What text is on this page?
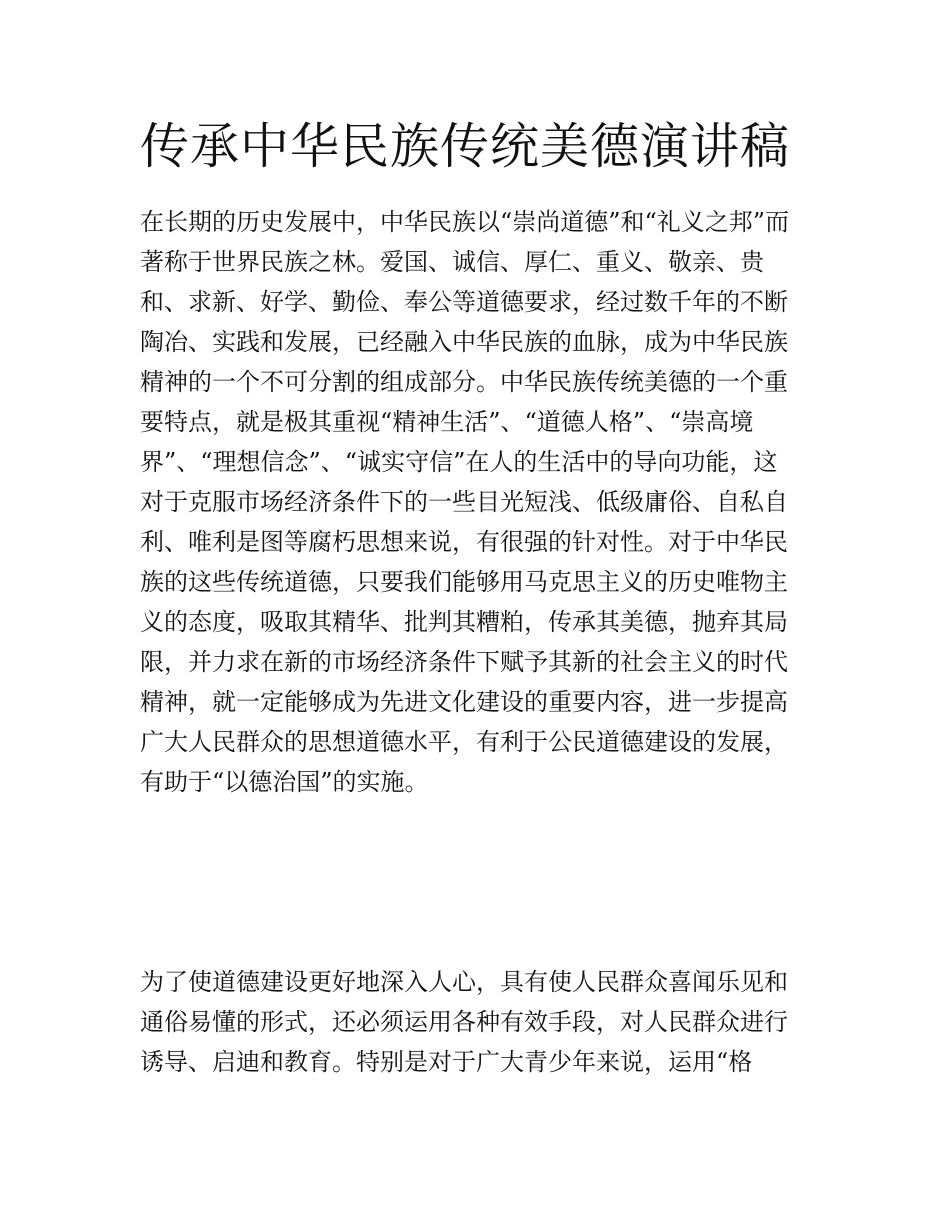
传承中华民族传统美德演讲稿

在长期的历史发展中，中华民族以“崇尚道德”和“礼义之邦”而
著称于世界民族之林。爱国、诚信、厚仁、重义、敬亲、贵
和、求新、好学、勤俭、奉公等道德要求，经过数千年的不断
陶冶、实践和发展，已经融入中华民族的血脉，成为中华民族
精神的一个不可分割的组成部分。中华民族传统美德的一个重
要特点，就是极其重视“精神生活”、“道德人格”、“崇高境
界”、“理想信念”、“诚实守信”在人的生活中的导向功能，这
对于克服市场经济条件下的一些目光短浅、低级庸俗、自私自
利、唯利是图等腐朽思想来说，有很强的针对性。对于中华民
族的这些传统道德，只要我们能够用马克思主义的历史唯物主
义的态度，吸取其精华、批判其糟粕，传承其美德，抛弃其局
限，并力求在新的市场经济条件下赋予其新的社会主义的时代
精神，就一定能够成为先进文化建设的重要内容，进一步提高
广大人民群众的思想道德水平，有利于公民道德建设的发展，
有助于“以德治国”的实施。

为了使道德建设更好地深入人心，具有使人民群众喜闻乐见和
通俗易懂的形式，还必须运用各种有效手段，对人民群众进行
诱导、启迪和教育。特别是对于广大青少年来说，运用“格
